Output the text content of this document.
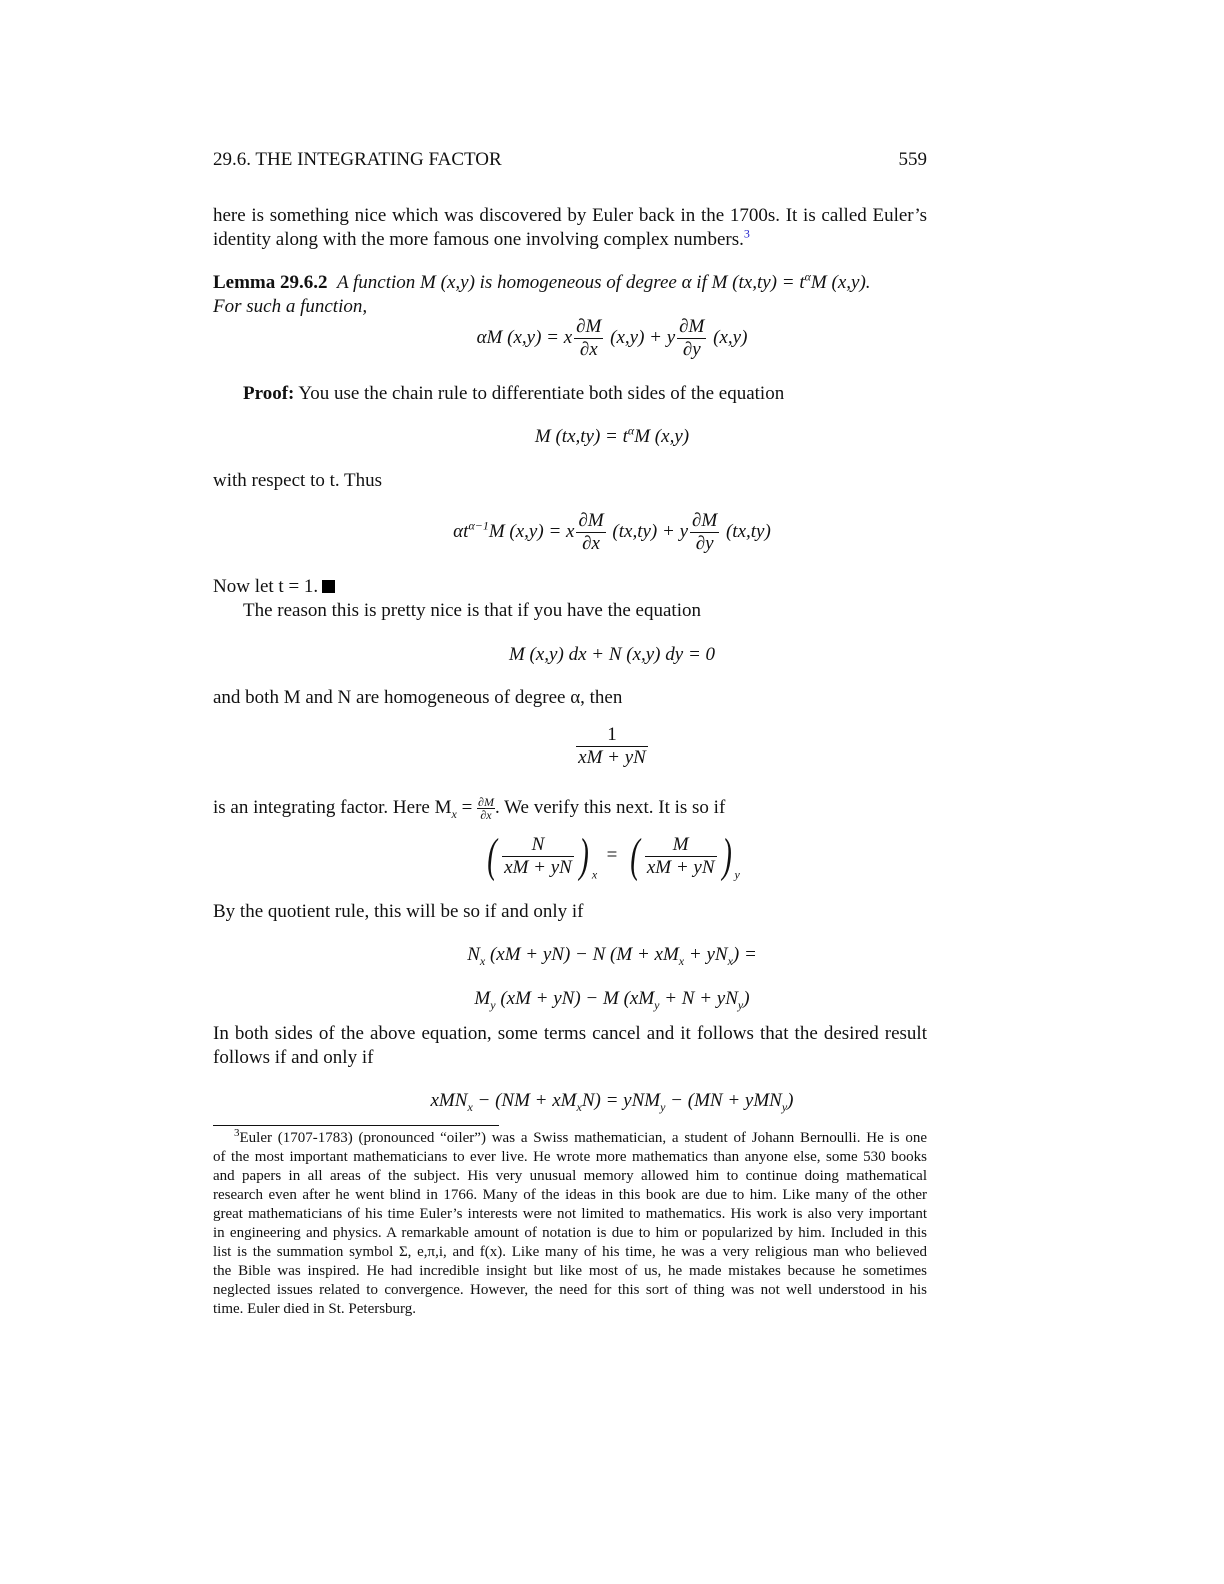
29.6. THE INTEGRATING FACTOR	559
here is something nice which was discovered by Euler back in the 1700s. It is called Euler’s
identity along with the more famous one involving complex numbers.$^3$
Lemma 29.6.2 A function M (x,y) is homogeneous of degree α if M $(tx,ty) = t^\alpha M$ (x,y).
For such a function,
αM (x,y) = x $\frac{\partial M}{\partial x} (x,y) + y \frac{\partial M}{\partial y} (x,y)$
Proof: You use the chain rule to differentiate both sides of the equation
M $(tx,ty) = t^\alpha M$ (x,y)
with respect to t. Thus
$\alpha t^{\alpha-1}M$ (x,y) = x $\frac{\partial M}{\partial x} (tx,ty) + y \frac{\partial M}{\partial y} (tx,ty)$
Now let t = 1.
The reason this is pretty nice is that if you have the equation
M (x,y) dx + N (x,y) dy = 0
and both M and N are homogeneous of degree α, then
$\frac{1}{xM + yN}$
is an integrating factor. Here $M_x = \frac{\partial M}{\partial x}$ . We verify this next. It is so if
( $\frac{N}{xM + yN}$ ) $_x$  = ( $\frac{M}{xM + yN}$ ) $_y$
By the quotient rule, this will be so if and only if
$N_x$ (xM + yN) − N $(M + xM_x + yN_x)$ =
$M_y$ (xM + yN) − M $(xM_y + N + yN_y)$
In both sides of the above equation, some terms cancel and it follows that the desired result
follows if and only if
$xMN_x - (NM + xM_xN) = yNM_y - (MN + yMN_y)$
$^3$Euler (1707-1783) (pronounced “oiler”) was a Swiss mathematician, a student of Johann Bernoulli. He is one
of the most important mathematicians to ever live. He wrote more mathematics than anyone else, some 530 books
and papers in all areas of the subject. His very unusual memory allowed him to continue doing mathematical
research even after he went blind in 1766. Many of the ideas in this book are due to him. Like many of the other
great mathematicians of his time Euler’s interests were not limited to mathematics. His work is also very important
in engineering and physics. A remarkable amount of notation is due to him or popularized by him. Included in this
list is the summation symbol Σ, e,π,i, and f(x). Like many of his time, he was a very religious man who believed
the Bible was inspired. He had incredible insight but like most of us, he made mistakes because he sometimes
neglected issues related to convergence. However, the need for this sort of thing was not well understood in his
time. Euler died in St. Petersburg.
